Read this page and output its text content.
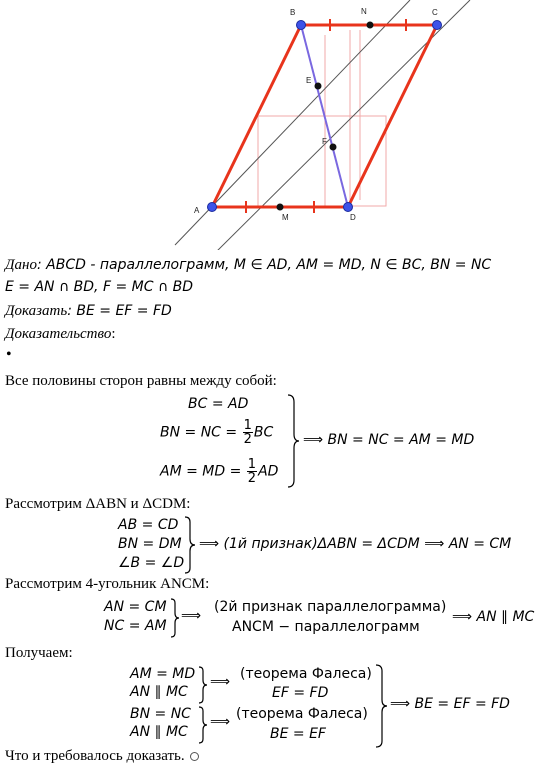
A
B	C
D
N
M
E
F
Дано: ABCD - параллелограмм, M ∈ AD, AM = MD, N ∈ BC, BN = NC
E = AN ∩ BD, F = MC ∩ BD
Доказать: BE = EF = FD
Доказательство:
•
Все половины сторон равны между собой:
BC = AD
BN = NC = $\frac{1}{2}$ BC
AM = MD = $\frac{1}{2}$ AD
⟹ BN = NC = AM = MD
Рассмотрим ΔABN и ΔCDM:
AB = CD
BN = DM
∠B = ∠D
⟹ (1й признак)ΔABN = ΔCDM ⟹ AN = CM
Рассмотрим 4-угольник ANCM:
AN = CM
NC = AM
⟹
(2й признак параллелограмма)
ANCM − параллелограмм
⟹ AN ∥ MC
Получаем:
AM = MD
AN ∥ MC
⟹ (теорема Фалеса)
EF = FD
BN = NC
AN ∥ MC
⟹ (теорема Фалеса)
BE = EF
⟹ BE = EF = FD
Что и требовалось доказать.
